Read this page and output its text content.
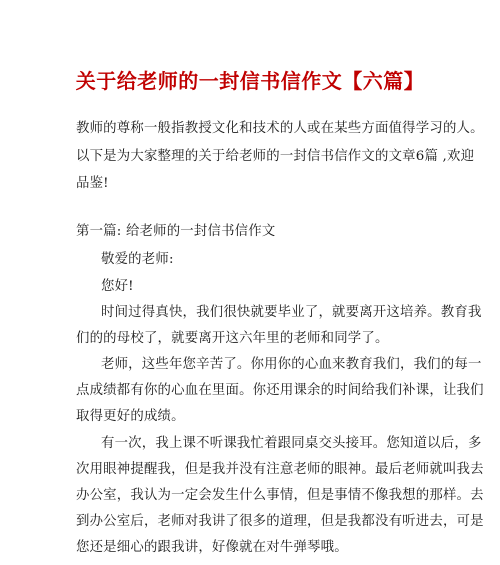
关于给老师的一封信书信作文【六篇】
教师的尊称一般指教授文化和技术的人或在某些方面值得学习的人。
以下是为大家整理的关于给老师的一封信书信作文的文章6篇 ,欢迎
品鉴!
第一篇: 给老师的一封信书信作文
敬爱的老师:
您好!
时间过得真快，我们很快就要毕业了，就要离开这培养。教育我
们的的母校了，就要离开这六年里的老师和同学了。
老师，这些年您辛苦了。你用你的心血来教育我们，我们的每一
点成绩都有你的心血在里面。你还用课余的时间给我们补课，让我们
取得更好的成绩。
有一次，我上课不听课我忙着跟同桌交头接耳。您知道以后，多
次用眼神提醒我，但是我并没有注意老师的眼神。最后老师就叫我去
办公室，我认为一定会发生什么事情，但是事情不像我想的那样。去
到办公室后，老师对我讲了很多的道理，但是我都没有听进去，可是
您还是细心的跟我讲，好像就在对牛弹琴哦。
